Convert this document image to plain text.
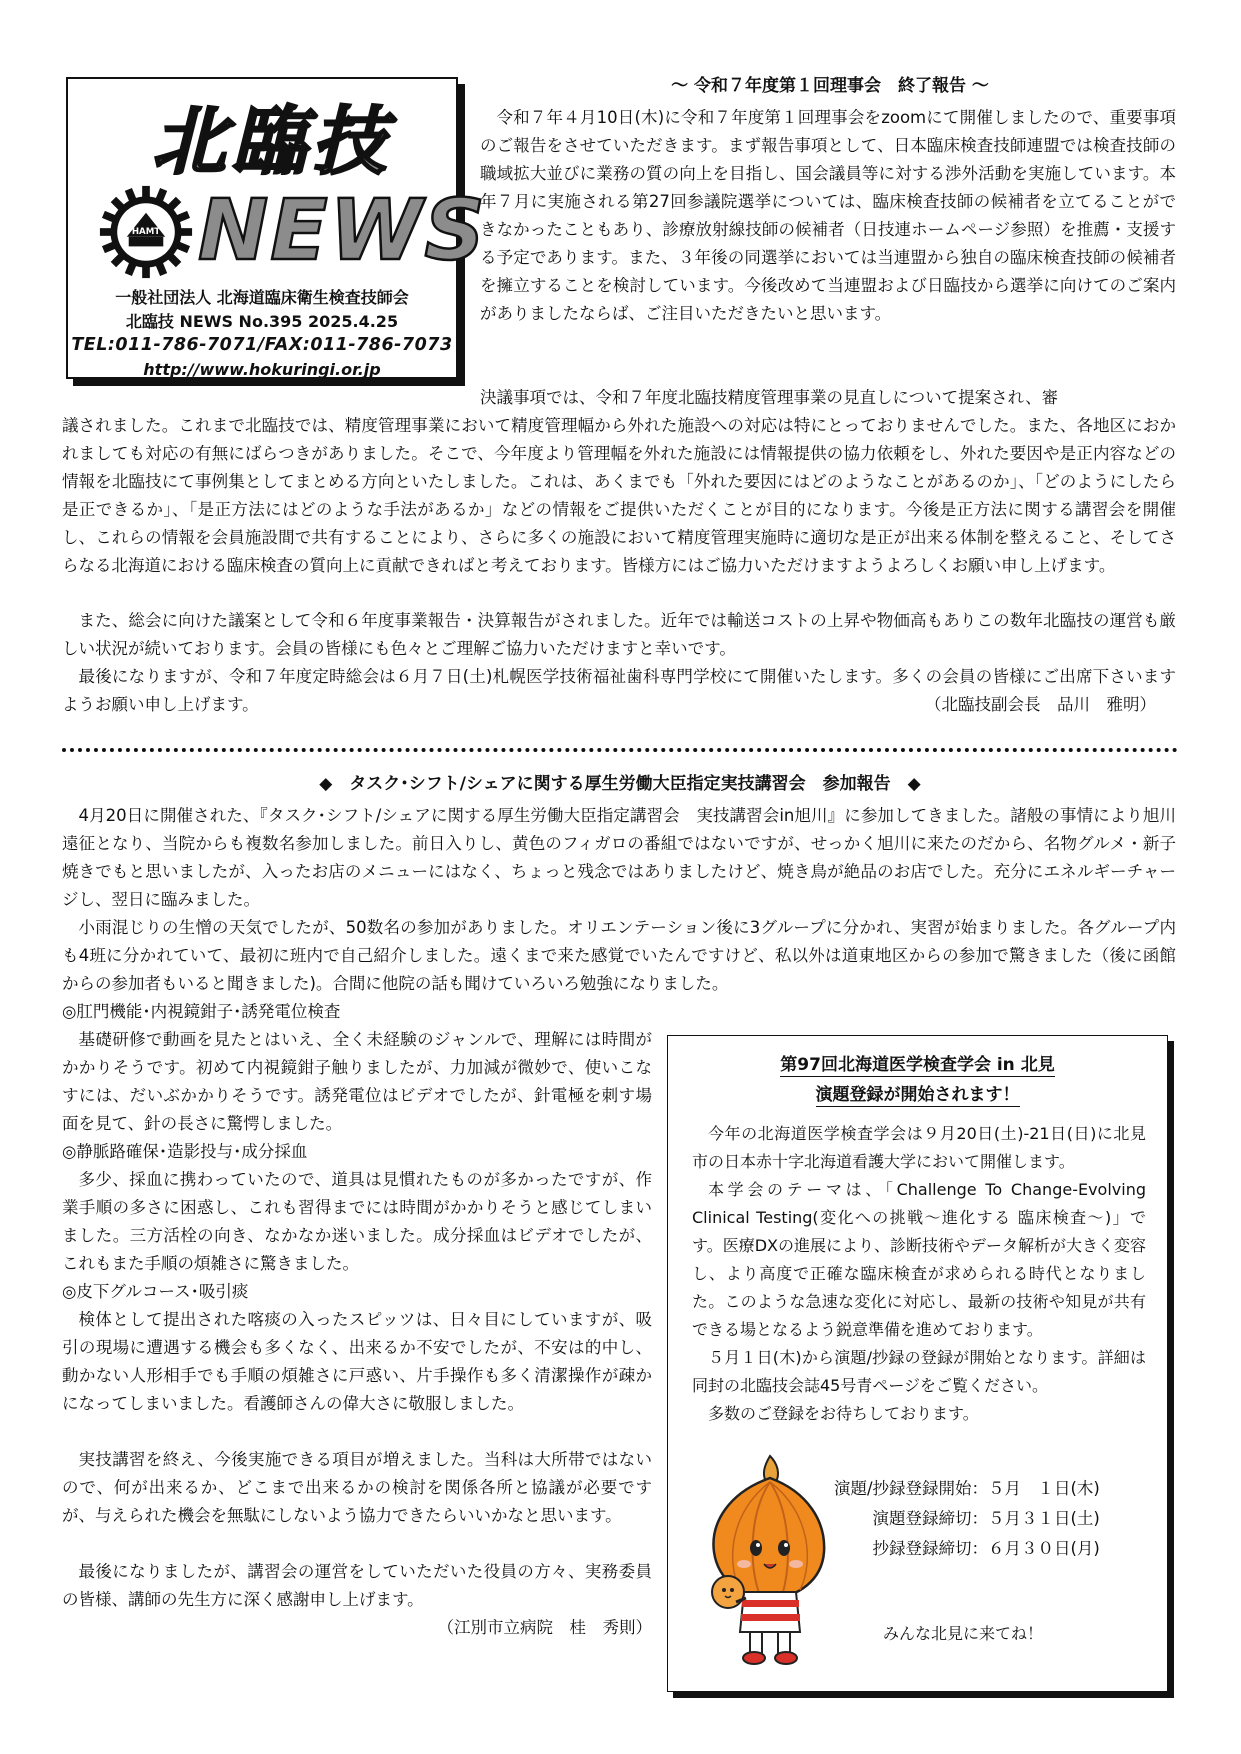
北臨技
HAMT NEWS
一般社団法人 北海道臨床衛生検査技師会
北臨技 NEWS No.395 2025.4.25
TEL:011-786-7071/FAX:011-786-7073
http://www.hokuringi.or.jp
～ 令和７年度第１回理事会　終了報告 ～

令和７年４月10日(木)に令和７年度第１回理事会をzoomにて開催しましたので、重要事項のご報告をさせていただきます。まず報告事項として、日本臨床検査技師連盟では検査技師の職域拡大並びに業務の質の向上を目指し、国会議員等に対する渉外活動を実施しています。本年７月に実施される第27回参議院選挙については、臨床検査技師の候補者を立てることができなかったこともあり、診療放射線技師の候補者（日技連ホームページ参照）を推薦・支援する予定であります。また、３年後の同選挙においては当連盟から独自の臨床検査技師の候補者を擁立することを検討しています。今後改めて当連盟および日臨技から選挙に向けてのご案内がありましたならば、ご注目いただきたいと思います。

決議事項では、令和７年度北臨技精度管理事業の見直しについて提案され、審

議されました。これまで北臨技では、精度管理事業において精度管理幅から外れた施設への対応は特にとっておりませんでした。また、各地区におかれましても対応の有無にばらつきがありました。そこで、今年度より管理幅を外れた施設には情報提供の協力依頼をし、外れた要因や是正内容などの情報を北臨技にて事例集としてまとめる方向といたしました。これは、あくまでも「外れた要因にはどのようなことがあるのか」、「どのようにしたら是正できるか」、「是正方法にはどのような手法があるか」などの情報をご提供いただくことが目的になります。今後是正方法に関する講習会を開催し、これらの情報を会員施設間で共有することにより、さらに多くの施設において精度管理実施時に適切な是正が出来る体制を整えること、そしてさらなる北海道における臨床検査の質向上に貢献できればと考えております。皆様方にはご協力いただけますようよろしくお願い申し上げます。

また、総会に向けた議案として令和６年度事業報告・決算報告がされました。近年では輸送コストの上昇や物価高もありこの数年北臨技の運営も厳しい状況が続いております。会員の皆様にも色々とご理解ご協力いただけますと幸いです。

最後になりますが、令和７年度定時総会は６月７日(土)札幌医学技術福祉歯科専門学校にて開催いたします。多くの会員の皆様にご出席下さいますようお願い申し上げます。	（北臨技副会長　品川　雅明）

◆　タスク･シフト/シェアに関する厚生労働大臣指定実技講習会　参加報告　◆

4月20日に開催された、『タスク･シフト/シェアに関する厚生労働大臣指定講習会　実技講習会in旭川』に参加してきました。諸般の事情により旭川遠征となり、当院からも複数名参加しました。前日入りし、黄色のフィガロの番組ではないですが、せっかく旭川に来たのだから、名物グルメ・新子焼きでもと思いましたが、入ったお店のメニューにはなく、ちょっと残念ではありましたけど、焼き鳥が絶品のお店でした。充分にエネルギーチャージし、翌日に臨みました。

小雨混じりの生憎の天気でしたが、50数名の参加がありました。オリエンテーション後に3グループに分かれ、実習が始まりました。各グループ内も4班に分かれていて、最初に班内で自己紹介しました。遠くまで来た感覚でいたんですけど、私以外は道東地区からの参加で驚きました（後に函館からの参加者もいると聞きました)。合間に他院の話も聞けていろいろ勉強になりました。

◎肛門機能･内視鏡鉗子･誘発電位検査

基礎研修で動画を見たとはいえ、全く未経験のジャンルで、理解には時間がかかりそうです。初めて内視鏡鉗子触りましたが、力加減が微妙で、使いこなすには、だいぶかかりそうです。誘発電位はビデオでしたが、針電極を刺す場面を見て、針の長さに驚愕しました。

◎静脈路確保･造影投与･成分採血

多少、採血に携わっていたので、道具は見慣れたものが多かったですが、作業手順の多さに困惑し、これも習得までには時間がかかりそうと感じてしまいました。三方活栓の向き、なかなか迷いました。成分採血はビデオでしたが、これもまた手順の煩雑さに驚きました。

◎皮下グルコース･吸引痰

検体として提出された喀痰の入ったスピッツは、日々目にしていますが、吸引の現場に遭遇する機会も多くなく、出来るか不安でしたが、不安は的中し、動かない人形相手でも手順の煩雑さに戸惑い、片手操作も多く清潔操作が疎かになってしまいました。看護師さんの偉大さに敬服しました。

実技講習を終え、今後実施できる項目が増えました。当科は大所帯ではないので、何が出来るか、どこまで出来るかの検討を関係各所と協議が必要ですが、与えられた機会を無駄にしないよう協力できたらいいかなと思います。

最後になりましたが、講習会の運営をしていただいた役員の方々、実務委員の皆様、講師の先生方に深く感謝申し上げます。

（江別市立病院　桂　秀則）

第97回北海道医学検査学会 in 北見
演題登録が開始されます！

今年の北海道医学検査学会は９月20日(土)-21日(日)に北見市の日本赤十字北海道看護大学において開催します。

本学会のテーマは、「Challenge To Change-Evolving Clinical Testing(変化への挑戦～進化する 臨床検査～)」です。医療DXの進展により、診断技術やデータ解析が大きく変容し、より高度で正確な臨床検査が求められる時代となりました。このような急速な変化に対応し、最新の技術や知見が共有できる場となるよう鋭意準備を進めております。

５月１日(木)から演題/抄録の登録が開始となります。詳細は同封の北臨技会誌45号青ページをご覧ください。

多数のご登録をお待ちしております。

演題/抄録登録開始： ５月　１日(木)
演題登録締切： ５月３１日(土)
抄録登録締切： ６月３０日(月)

みんな北見に来てね！
